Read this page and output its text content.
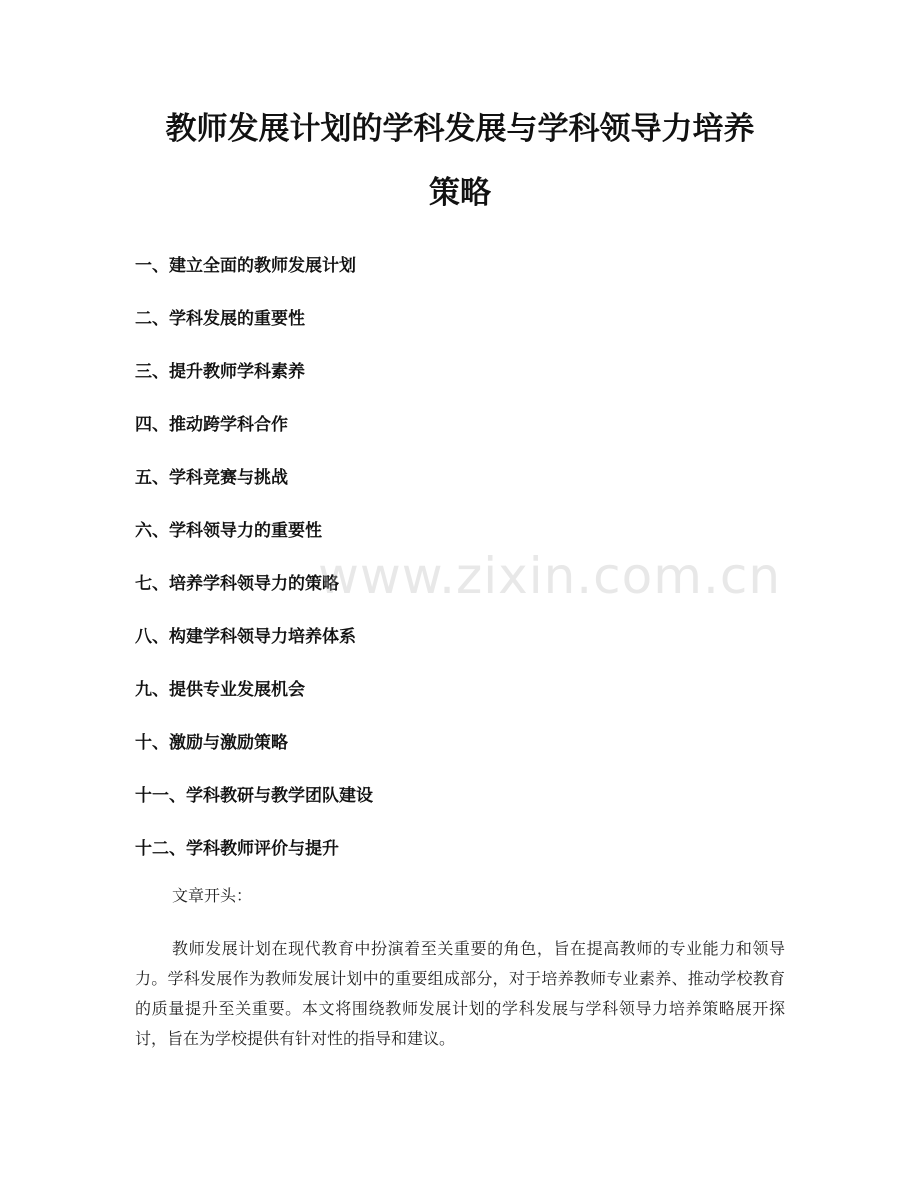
教师发展计划的学科发展与学科领导力培养
策略
一、建立全面的教师发展计划
二、学科发展的重要性
三、提升教师学科素养
四、推动跨学科合作
五、学科竞赛与挑战
六、学科领导力的重要性
七、培养学科领导力的策略
八、构建学科领导力培养体系
九、提供专业发展机会
十、激励与激励策略
十一、学科教研与教学团队建设
十二、学科教师评价与提升
文章开头：

教师发展计划在现代教育中扮演着至关重要的角色，旨在提高教师的专业能力和领导力。学科发展作为教师发展计划中的重要组成部分，对于培养教师专业素养、推动学校教育的质量提升至关重要。本文将围绕教师发展计划的学科发展与学科领导力培养策略展开探讨，旨在为学校提供有针对性的指导和建议。

www.zixin.com.cn
